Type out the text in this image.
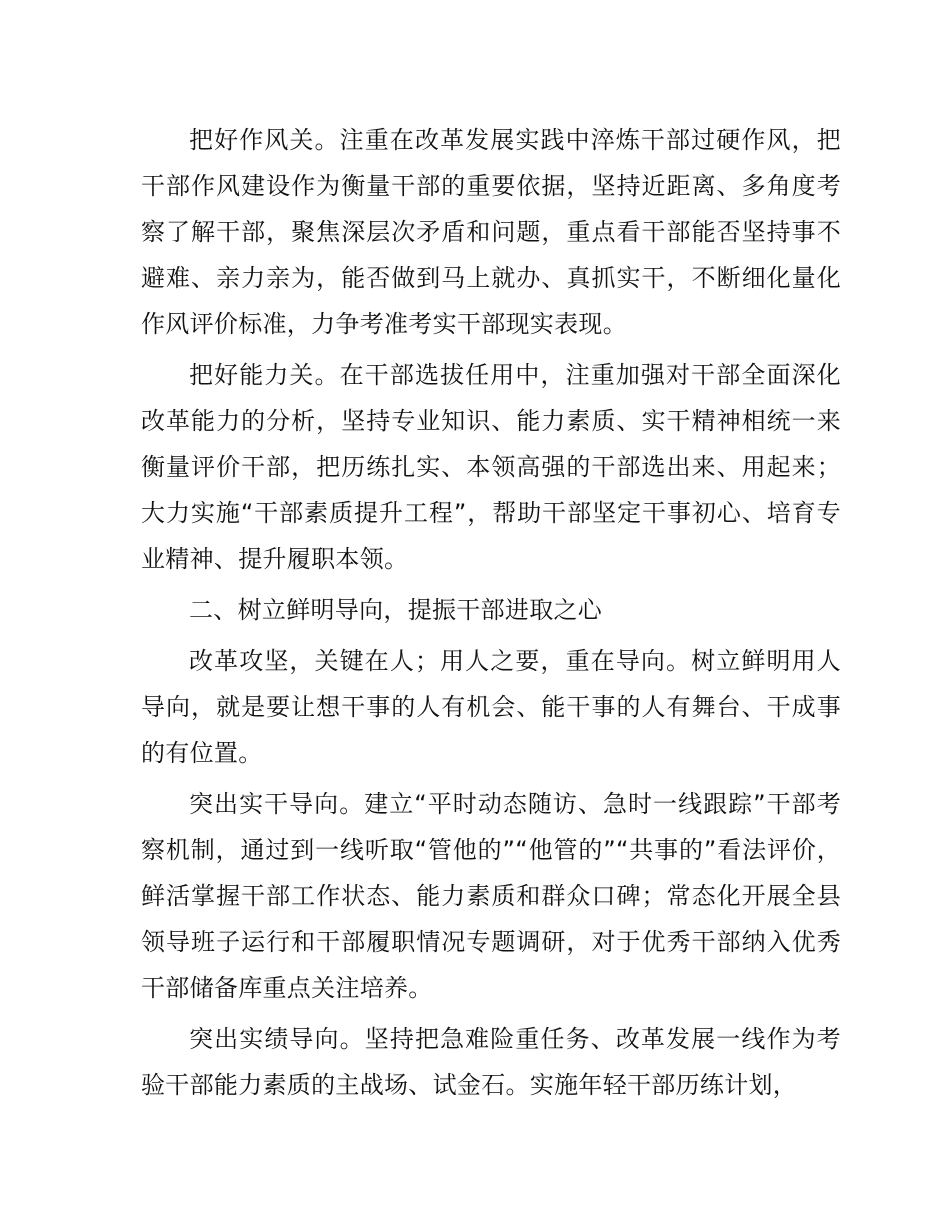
把好作风关。注重在改革发展实践中淬炼干部过硬作风，把干部作风建设作为衡量干部的重要依据，坚持近距离、多角度考察了解干部，聚焦深层次矛盾和问题，重点看干部能否坚持事不避难、亲力亲为，能否做到马上就办、真抓实干，不断细化量化作风评价标准，力争考准考实干部现实表现。

把好能力关。在干部选拔任用中，注重加强对干部全面深化改革能力的分析，坚持专业知识、能力素质、实干精神相统一来衡量评价干部，把历练扎实、本领高强的干部选出来、用起来；大力实施“干部素质提升工程”，帮助干部坚定干事初心、培育专业精神、提升履职本领。

二、树立鲜明导向，提振干部进取之心

改革攻坚，关键在人；用人之要，重在导向。树立鲜明用人导向，就是要让想干事的人有机会、能干事的人有舞台、干成事的有位置。

突出实干导向。建立“平时动态随访、急时一线跟踪”干部考察机制，通过到一线听取“管他的”“他管的”“共事的”看法评价，鲜活掌握干部工作状态、能力素质和群众口碑；常态化开展全县领导班子运行和干部履职情况专题调研，对于优秀干部纳入优秀干部储备库重点关注培养。

突出实绩导向。坚持把急难险重任务、改革发展一线作为考验干部能力素质的主战场、试金石。实施年轻干部历练计划，
